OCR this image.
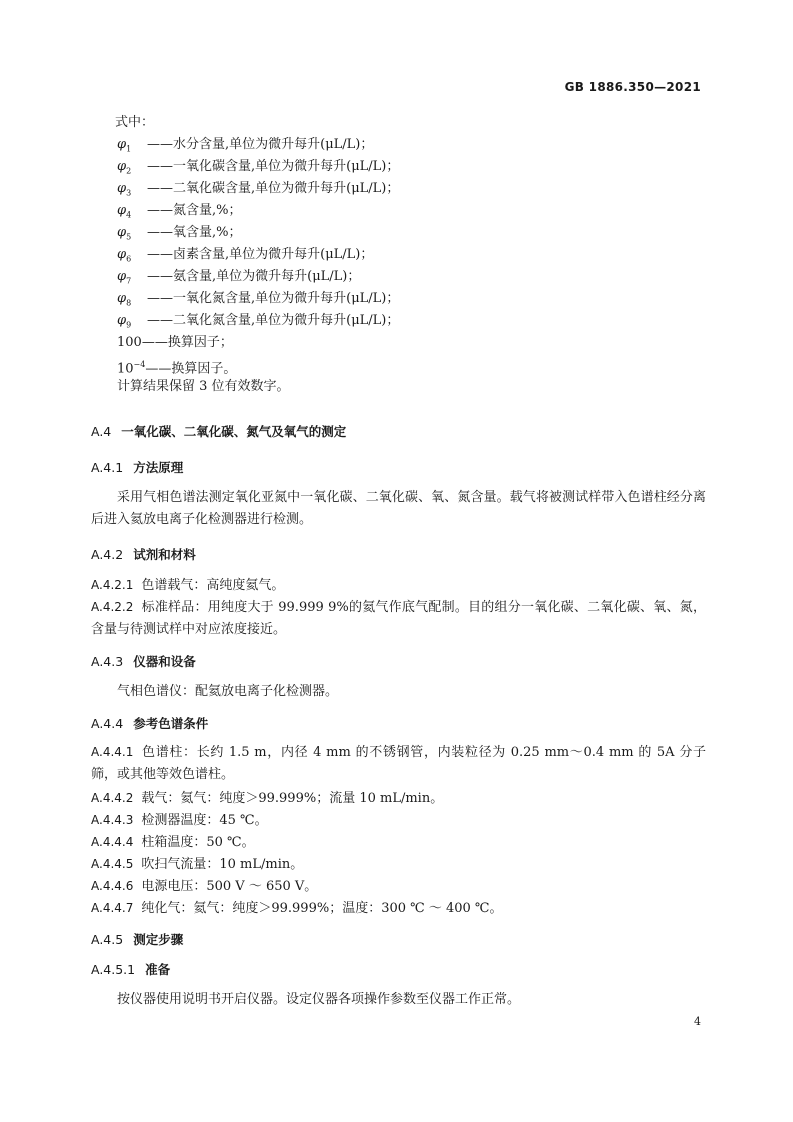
GB 1886.350—2021
式中：
$\varphi_1$ ——水分含量,单位为微升每升(μL/L)；
$\varphi_2$ ——一氧化碳含量,单位为微升每升(μL/L)；
$\varphi_3$ ——二氧化碳含量,单位为微升每升(μL/L)；
$\varphi_4$ ——氮含量,%；
$\varphi_5$ ——氧含量,%；
$\varphi_6$ ——卤素含量,单位为微升每升(μL/L)；
$\varphi_7$ ——氨含量,单位为微升每升(μL/L)；
$\varphi_8$ ——一氧化氮含量,单位为微升每升(μL/L)；
$\varphi_9$ ——二氧化氮含量,单位为微升每升(μL/L)；
100——换算因子；
$10^{-4}——$换算因子。
计算结果保留 3 位有效数字。
A.4 一氧化碳、二氧化碳、氮气及氧气的测定
A.4.1 方法原理
采用气相色谱法测定氧化亚氮中一氧化碳、二氧化碳、氧、氮含量。载气将被测试样带入色谱柱经分离后进入氦放电离子化检测器进行检测。
A.4.2 试剂和材料
A.4.2.1 色谱载气：高纯度氦气。
A.4.2.2 标准样品：用纯度大于 99.999 9%的氦气作底气配制。目的组分一氧化碳、二氧化碳、氧、氮，含量与待测试样中对应浓度接近。
A.4.3 仪器和设备
气相色谱仪：配氦放电离子化检测器。
A.4.4 参考色谱条件
A.4.4.1 色谱柱：长约 1.5 m，内径 4 mm 的不锈钢管，内装粒径为 0.25 mm～0.4 mm 的 5A 分子筛，或其他等效色谱柱。
A.4.4.2 载气：氦气：纯度＞99.999%；流量 10 mL/min。
A.4.4.3 检测器温度：45 ℃。
A.4.4.4 柱箱温度：50 ℃。
A.4.4.5 吹扫气流量：10 mL/min。
A.4.4.6 电源电压：500 V ～ 650 V。
A.4.4.7 纯化气：氦气：纯度＞99.999%；温度：300 ℃ ～ 400 ℃。
A.4.5 测定步骤
A.4.5.1 准备
按仪器使用说明书开启仪器。设定仪器各项操作参数至仪器工作正常。
4
